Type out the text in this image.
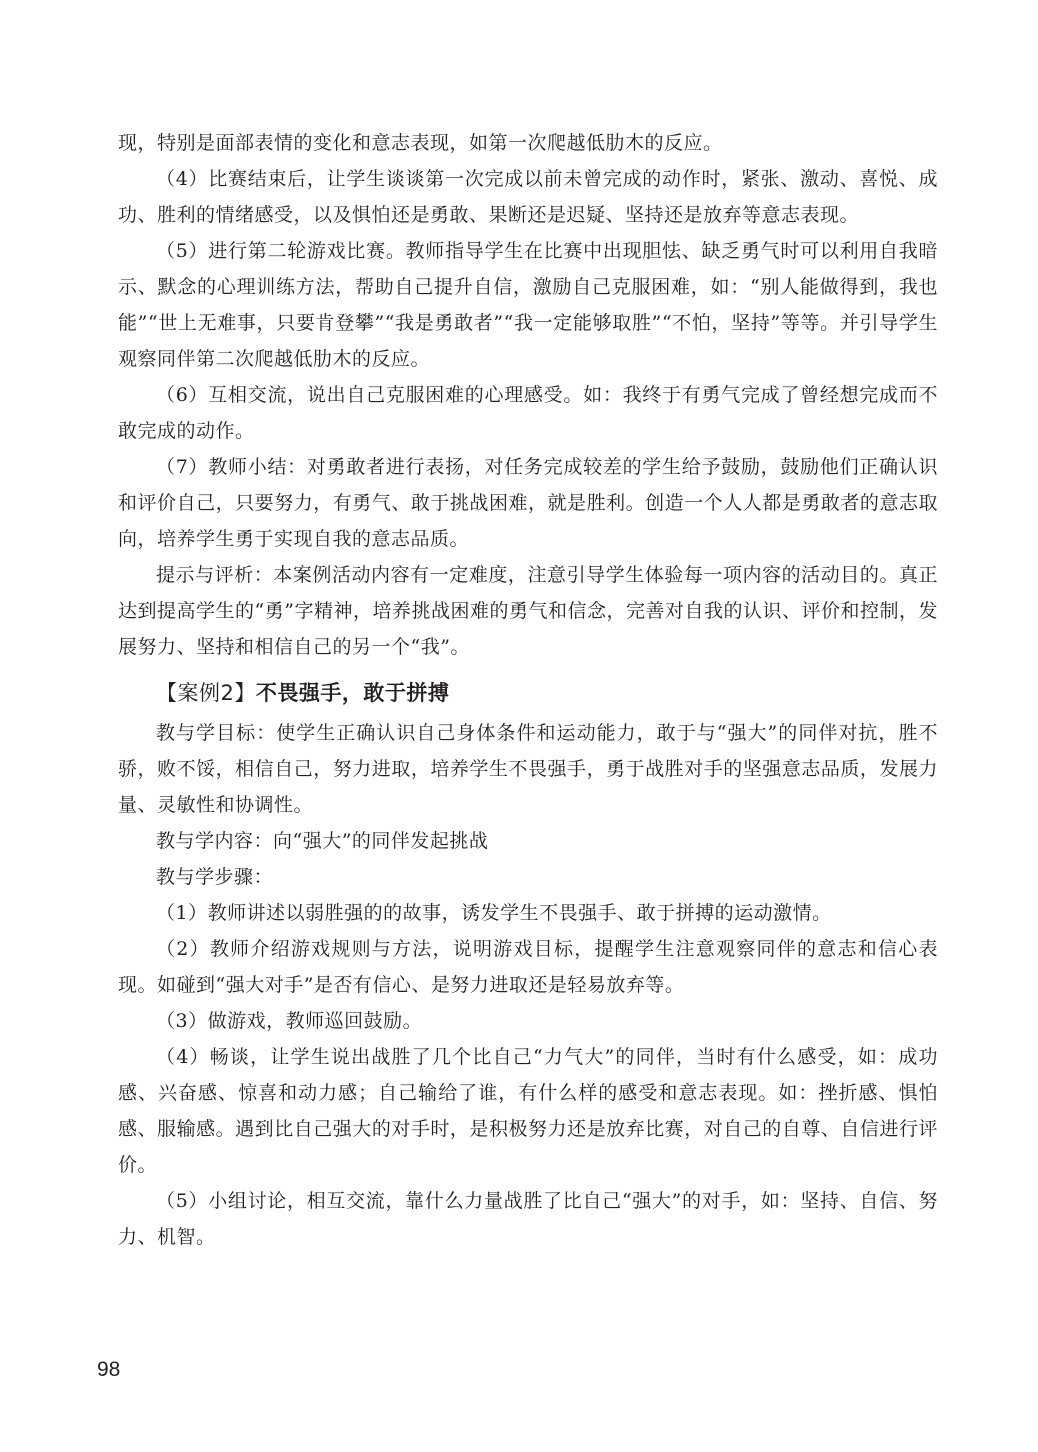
现，特别是面部表情的变化和意志表现，如第一次爬越低肋木的反应。

（4）比赛结束后，让学生谈谈第一次完成以前未曾完成的动作时，紧张、激动、喜悦、成功、胜利的情绪感受，以及惧怕还是勇敢、果断还是迟疑、坚持还是放弃等意志表现。

（5）进行第二轮游戏比赛。教师指导学生在比赛中出现胆怯、缺乏勇气时可以利用自我暗示、默念的心理训练方法，帮助自己提升自信，激励自己克服困难，如：“别人能做得到，我也能”“世上无难事，只要肯登攀”“我是勇敢者”“我一定能够取胜”“不怕，坚持”等等。并引导学生观察同伴第二次爬越低肋木的反应。

（6）互相交流，说出自己克服困难的心理感受。如：我终于有勇气完成了曾经想完成而不敢完成的动作。

（7）教师小结：对勇敢者进行表扬，对任务完成较差的学生给予鼓励，鼓励他们正确认识和评价自己，只要努力，有勇气、敢于挑战困难，就是胜利。创造一个人人都是勇敢者的意志取向，培养学生勇于实现自我的意志品质。

提示与评析：本案例活动内容有一定难度，注意引导学生体验每一项内容的活动目的。真正达到提高学生的“勇”字精神，培养挑战困难的勇气和信念，完善对自我的认识、评价和控制，发展努力、坚持和相信自己的另一个“我”。

【案例2】不畏强手，敢于拼搏

教与学目标：使学生正确认识自己身体条件和运动能力，敢于与“强大”的同伴对抗，胜不骄，败不馁，相信自己，努力进取，培养学生不畏强手，勇于战胜对手的坚强意志品质，发展力量、灵敏性和协调性。

教与学内容：向“强大”的同伴发起挑战

教与学步骤：

（1）教师讲述以弱胜强的的故事，诱发学生不畏强手、敢于拼搏的运动激情。

（2）教师介绍游戏规则与方法，说明游戏目标，提醒学生注意观察同伴的意志和信心表现。如碰到“强大对手”是否有信心、是努力进取还是轻易放弃等。

（3）做游戏，教师巡回鼓励。

（4）畅谈，让学生说出战胜了几个比自己“力气大”的同伴，当时有什么感受，如：成功感、兴奋感、惊喜和动力感；自己输给了谁，有什么样的感受和意志表现。如：挫折感、惧怕感、服输感。遇到比自己强大的对手时，是积极努力还是放弃比赛，对自己的自尊、自信进行评价。

（5）小组讨论，相互交流，靠什么力量战胜了比自己“强大”的对手，如：坚持、自信、努力、机智。

98
